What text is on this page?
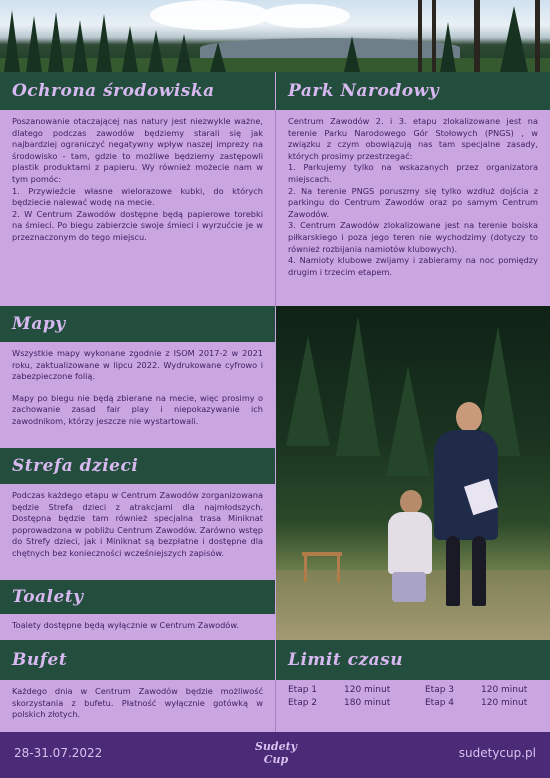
Ochrona środowiska

Poszanowanie otaczającej nas natury jest niezwykle ważne, dlatego podczas zawodów będziemy starali się jak najbardziej ograniczyć negatywny wpływ naszej imprezy na środowisko - tam, gdzie to możliwe będziemy zastępowli plastik produktami z papieru. Wy również możecie nam w tym pomóc:

1. Przywieźcie własne wielorazowe kubki, do których będziecie nalewać wodę na mecie.

2. W Centrum Zawodów dostępne będą papierowe torebki na śmieci. Po biegu zabierzcie swoje śmieci i wyrzućcie je w przeznaczonym do tego miejscu.

Park Narodowy

Centrum Zawodów 2. i 3. etapu zlokalizowane jest na terenie Parku Narodowego Gór Stołowych (PNGS) , w związku z czym obowiązują nas tam specjalne zasady, których prosimy przestrzegać:

1. Parkujemy tylko na wskazanych przez organizatora miejscach.

2. Na terenie PNGS poruszmy się tylko wzdłuż dojścia z parkingu do Centrum Zawodów oraz po samym Centrum Zawodów.

3. Centrum Zawodów zlokalizowane jest na terenie boiska piłkarskiego i poza jego teren nie wychodzimy (dotyczy to również rozbijania namiotów klubowych).

4. Namioty klubowe zwijamy i zabieramy na noc pomiędzy drugim i trzecim etapem.

Mapy

Wszystkie mapy wykonane zgodnie z ISOM 2017-2 w 2021 roku, zaktualizowane w lipcu 2022. Wydrukowane cyfrowo i zabezpieczone folią.

Mapy po biegu nie będą zbierane na mecie, więc prosimy o zachowanie zasad fair play i niepokazywanie ich zawodnikom, którzy jeszcze nie wystartowali.

Strefa dzieci

Podczas każdego etapu w Centrum Zawodów zorganizowana będzie Strefa dzieci z atrakcjami dla najmłodszych. Dostępna będzie tam również specjalna trasa Miniknat poprowadzona w pobliżu Centrum Zawodów. Zarówno wstęp do Strefy dzieci, jak i Miniknat są bezpłatne i dostępne dla chętnych bez konieczności wcześniejszych zapisów.

Toalety

Toalety dostępne będą wyłącznie w Centrum Zawodów.

Bufet

Każdego dnia w Centrum Zawodów będzie możliwość skorzystania z bufetu. Płatność wyłącznie gotówką w polskich złotych.

Limit czasu
Etap 1	120 minut
Etap 2	180 minut
Etap 3	120 minut
Etap 4	120 minut
28-31.07.2022	Sudety
Cup	sudetycup.pl
